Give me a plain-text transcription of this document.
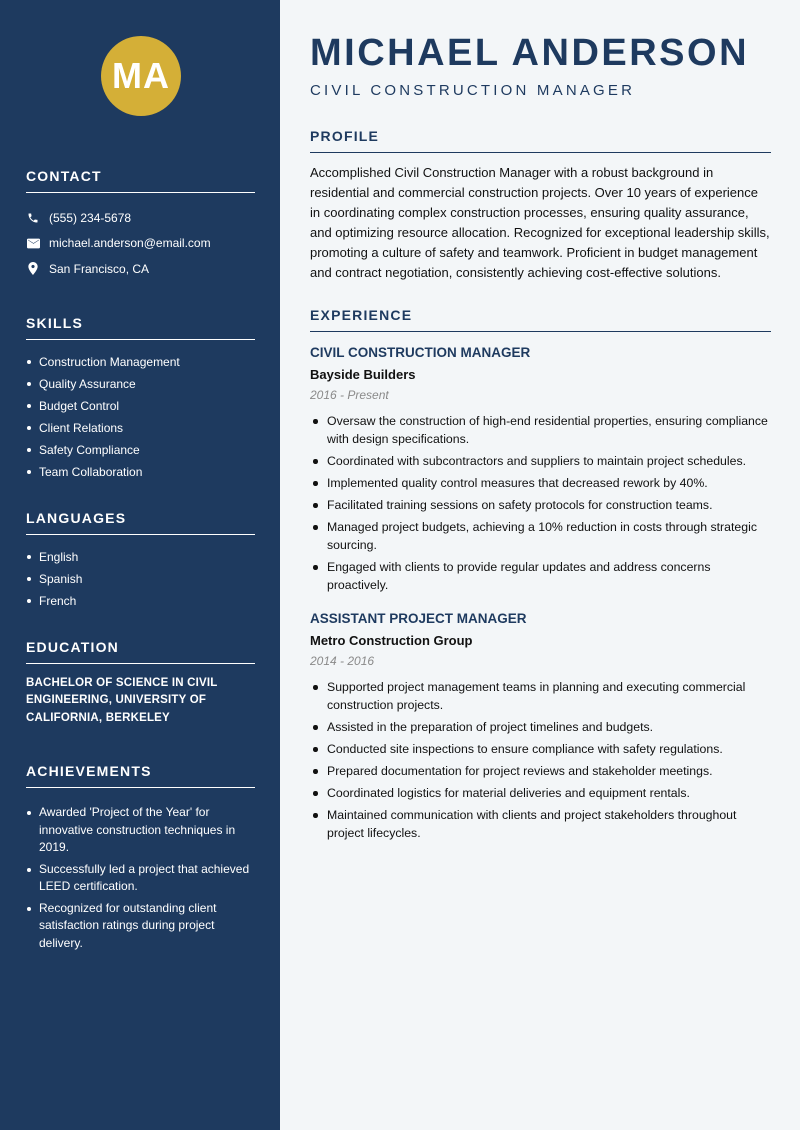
MA
CONTACT
(555) 234-5678
michael.anderson@email.com
San Francisco, CA
SKILLS
Construction Management
Quality Assurance
Budget Control
Client Relations
Safety Compliance
Team Collaboration
LANGUAGES
English
Spanish
French
EDUCATION
BACHELOR OF SCIENCE IN CIVIL ENGINEERING, UNIVERSITY OF CALIFORNIA, BERKELEY
ACHIEVEMENTS
Awarded 'Project of the Year' for innovative construction techniques in 2019.
Successfully led a project that achieved LEED certification.
Recognized for outstanding client satisfaction ratings during project delivery.
MICHAEL ANDERSON
CIVIL CONSTRUCTION MANAGER
PROFILE

Accomplished Civil Construction Manager with a robust background in residential and commercial construction projects. Over 10 years of experience in coordinating complex construction processes, ensuring quality assurance, and optimizing resource allocation. Recognized for exceptional leadership skills, promoting a culture of safety and teamwork. Proficient in budget management and contract negotiation, consistently achieving cost-effective solutions.

EXPERIENCE
CIVIL CONSTRUCTION MANAGER
Bayside Builders
2016 - Present
Oversaw the construction of high-end residential properties, ensuring compliance with design specifications.
Coordinated with subcontractors and suppliers to maintain project schedules.
Implemented quality control measures that decreased rework by 40%.
Facilitated training sessions on safety protocols for construction teams.
Managed project budgets, achieving a 10% reduction in costs through strategic sourcing.
Engaged with clients to provide regular updates and address concerns proactively.
ASSISTANT PROJECT MANAGER
Metro Construction Group
2014 - 2016
Supported project management teams in planning and executing commercial construction projects.
Assisted in the preparation of project timelines and budgets.
Conducted site inspections to ensure compliance with safety regulations.
Prepared documentation for project reviews and stakeholder meetings.
Coordinated logistics for material deliveries and equipment rentals.
Maintained communication with clients and project stakeholders throughout project lifecycles.
